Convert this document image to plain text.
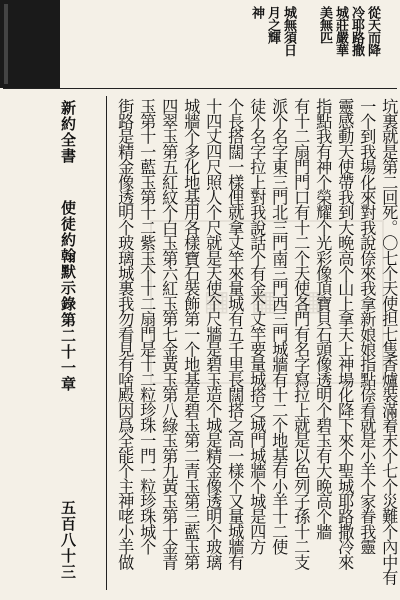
從天而降
冷耶路撒
城莊嚴華
美無匹
城無須日
月之輝
神
▦ ▦ ▦	坑裏就是第二回死。〇七个天使担七隻香爐裝滿着末个七个災難个內中有
一个到我場化來對我說倷來我拿新娘娘指點倷看就是小羊个家眷我靈
靈感動天使帶我到大晩高个山上拿天上神場化降下來个聖城耶路撒冷來
指點我有神个榮耀个光彩像頂寶貝石頭像透明个碧玉有大晩高个牆
有十二扇門門口有十二个天使各門有名字寫拉上就是以色列子孫十二支
派个名字東三門北三門南三門西三門城牆有十二个地基有小羊十二使
徒个名字拉上對我說話个有金个丈竿要量城搭之城門城牆个城是四方
个長搭闊一樣俚就拿丈竿來量城有五千里長闊搭之高一樣个又量城牆有
十四丈四尺照人个尺就是天使个尺牆是碧玉造个城是精金像透明个玻璃
城牆个多化地基用各樣寶石裝飾第一个地基是碧玉第二青玉第三藍玉第
四翠玉第五紅紋个白玉第六紅玉第七金黃玉第八綠玉第九黃玉第十金青
玉第十一藍玉第十二紫玉个十二扇門是十二粒珍珠一門一粒珍珠城个
街路是精金像透明个玻璃城裏我勿看見有啥殿因爲全能个主神咾小羊做
新約全書
使徒約翰默示錄第二十一章
五百八十三
